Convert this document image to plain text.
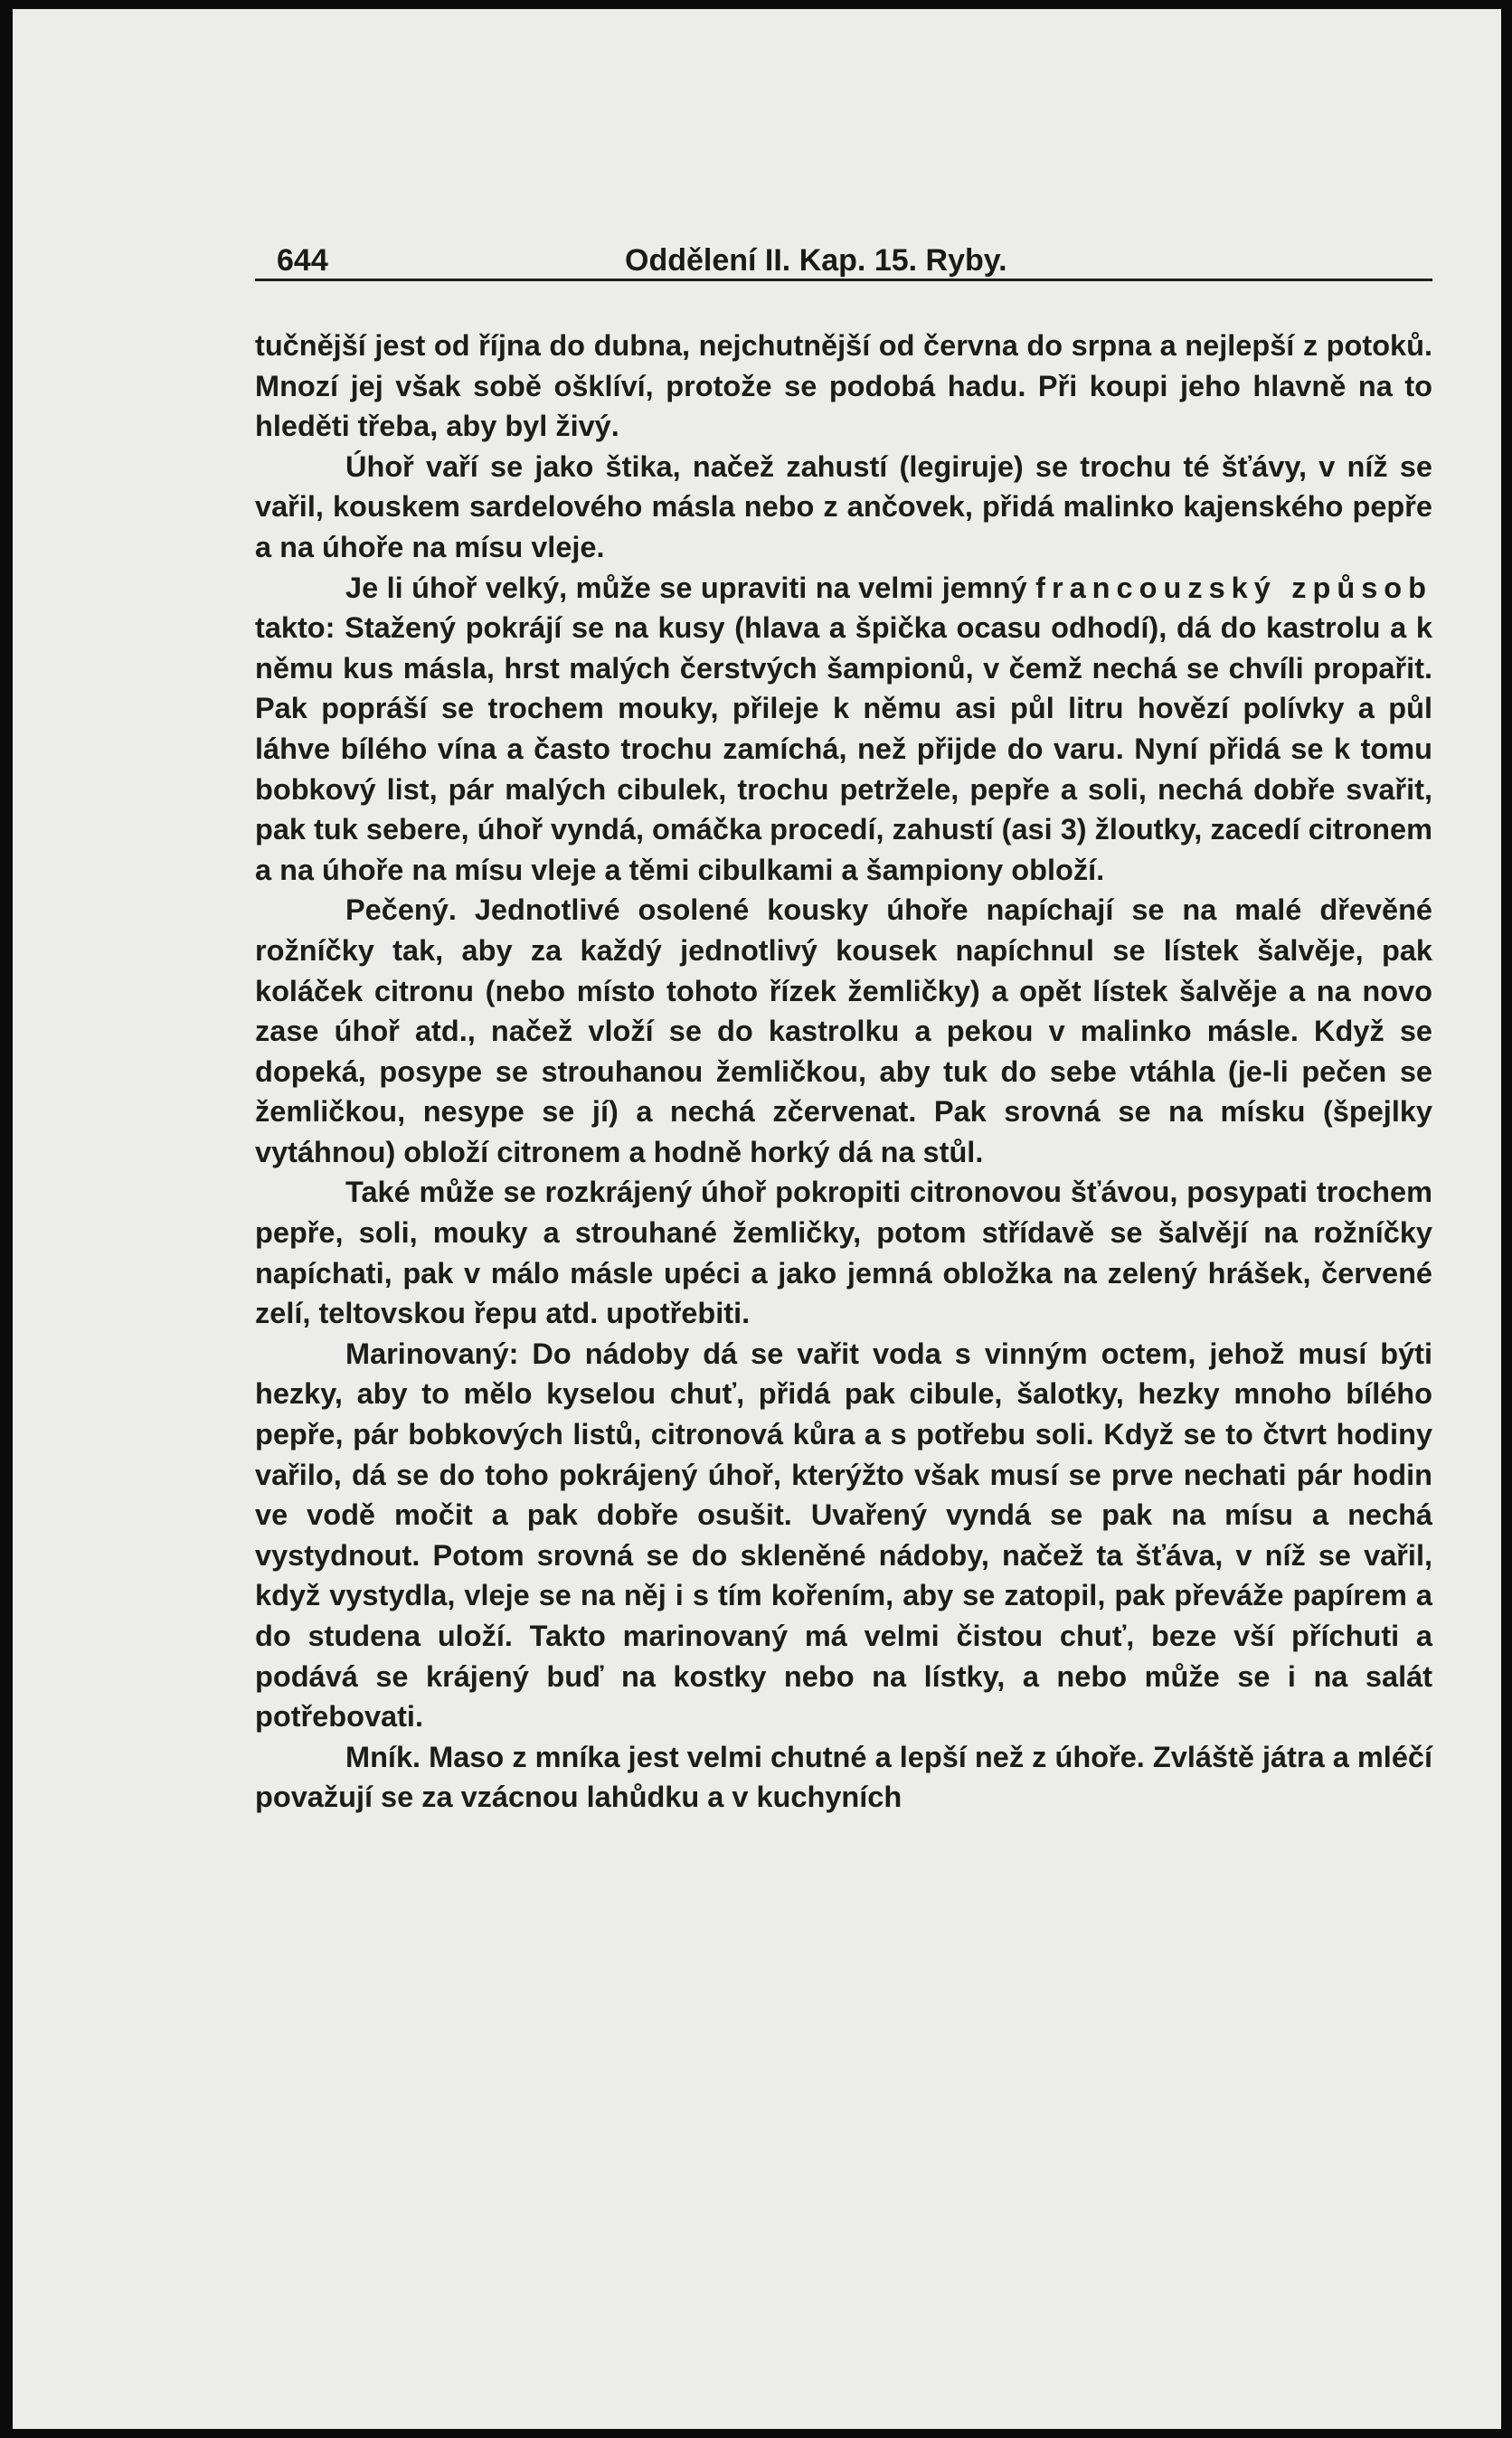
644	Oddělení II. Kap. 15. Ryby.

tučnější jest od října do dubna, nejchutnější od června do srpna a nejlepší z potoků. Mnozí jej však sobě ošklíví, protože se podobá hadu. Při koupi jeho hlavně na to hleděti třeba, aby byl živý.

Úhoř vaří se jako štika, načež zahustí (legiruje) se trochu té šťávy, v níž se vařil, kouskem sardelového másla nebo z ančovek, přidá malinko kajenského pepře a na úhoře na mísu vleje.

Je li úhoř velký, může se upraviti na velmi jemný francouzský způsob takto: Stažený pokrájí se na kusy (hlava a špička ocasu odhodí), dá do kastrolu a k němu kus másla, hrst malých čerstvých šampionů, v čemž nechá se chvíli propařit. Pak popráší se trochem mouky, přileje k němu asi půl litru hovězí polívky a půl láhve bílého vína a často trochu zamíchá, než přijde do varu. Nyní přidá se k tomu bobkový list, pár malých cibulek, trochu petržele, pepře a soli, nechá dobře svařit, pak tuk sebere, úhoř vyndá, omáčka procedí, zahustí (asi 3) žloutky, zacedí citronem a na úhoře na mísu vleje a těmi cibulkami a šampiony obloží.

Pečený. Jednotlivé osolené kousky úhoře napíchají se na malé dřevěné rožníčky tak, aby za každý jednotlivý kousek napíchnul se lístek šalvěje, pak koláček citronu (nebo místo tohoto řízek žemličky) a opět lístek šalvěje a na novo zase úhoř atd., načež vloží se do kastrolku a pekou v malinko másle. Když se dopeká, posype se strouhanou žemličkou, aby tuk do sebe vtáhla (je-li pečen se žemličkou, nesype se jí) a nechá zčervenat. Pak srovná se na mísku (špejlky vytáhnou) obloží citronem a hodně horký dá na stůl.

Také může se rozkrájený úhoř pokropiti citronovou šťávou, posypati trochem pepře, soli, mouky a strouhané žemličky, potom střídavě se šalvějí na rožníčky napíchati, pak v málo másle upéci a jako jemná obložka na zelený hrášek, červené zelí, teltovskou řepu atd. upotřebiti.

Marinovaný: Do nádoby dá se vařit voda s vinným octem, jehož musí býti hezky, aby to mělo kyselou chuť, přidá pak cibule, šalotky, hezky mnoho bílého pepře, pár bobkových listů, citronová kůra a s potřebu soli. Když se to čtvrt hodiny vařilo, dá se do toho pokrájený úhoř, kterýžto však musí se prve nechati pár hodin ve vodě močit a pak dobře osušit. Uvařený vyndá se pak na mísu a nechá vystydnout. Potom srovná se do skleněné nádoby, načež ta šťáva, v níž se vařil, když vystydla, vleje se na něj i s tím kořením, aby se zatopil, pak převáže papírem a do studena uloží. Takto marinovaný má velmi čistou chuť, beze vší příchuti a podává se krájený buď na kostky nebo na lístky, a nebo může se i na salát potřebovati.

Mník. Maso z mníka jest velmi chutné a lepší než z úhoře. Zvláště játra a mléčí považují se za vzácnou lahůdku a v kuchyních
